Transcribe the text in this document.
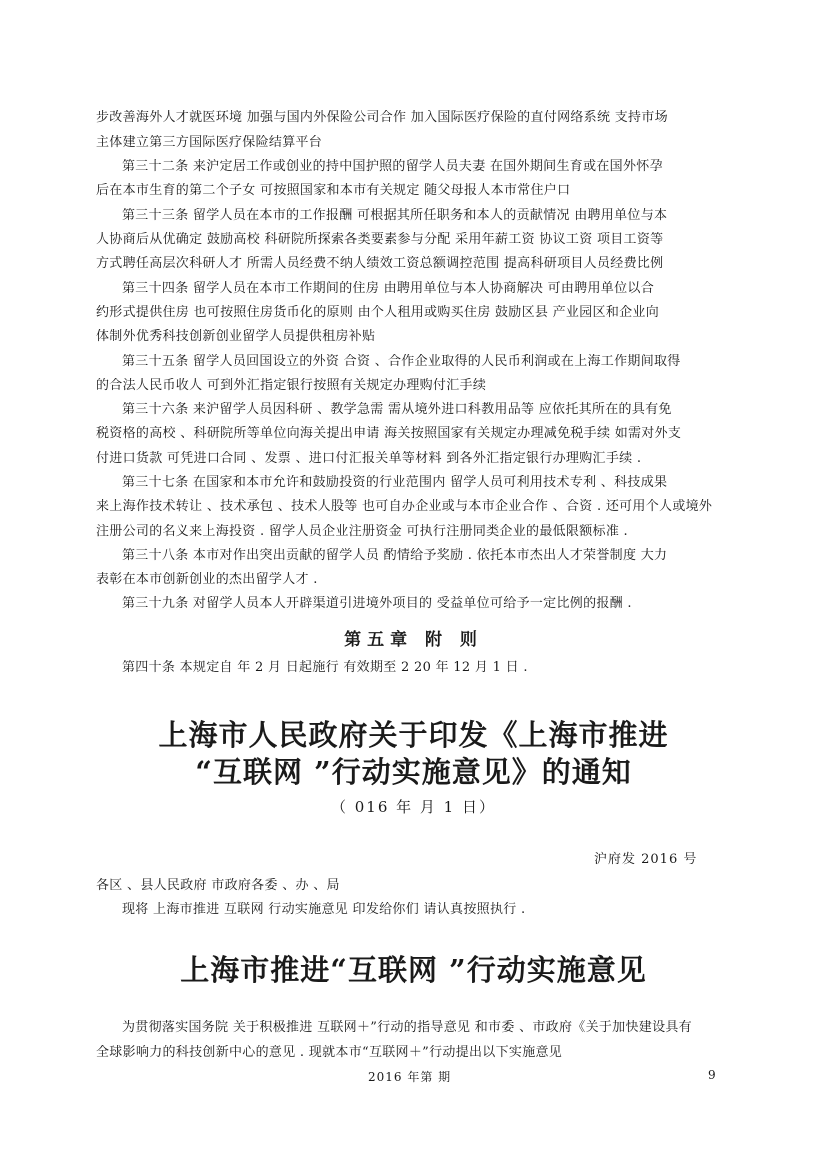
步改善海外人才就医环境 加强与国内外保险公司合作 加入国际医疗保险的直付网络系统 支持市场
主体建立第三方国际医疗保险结算平台
第三十二条 来沪定居工作或创业的持中国护照的留学人员夫妻 在国外期间生育或在国外怀孕
后在本市生育的第二个子女 可按照国家和本市有关规定 随父母报人本市常住户口
第三十三条 留学人员在本市的工作报酬 可根据其所任职务和本人的贡献情况 由聘用单位与本
人协商后从优确定 鼓励高校 科研院所探索各类要素参与分配 采用年薪工资 协议工资 项目工资等
方式聘任高层次科研人才 所需人员经费不纳人绩效工资总额调控范围 提高科研项目人员经费比例
第三十四条 留学人员在本市工作期间的住房 由聘用单位与本人协商解决 可由聘用单位以合
约形式提供住房 也可按照住房货币化的原则 由个人租用或购买住房 鼓励区县 产业园区和企业向
体制外优秀科技创新创业留学人员提供租房补贴
第三十五条 留学人员回国设立的外资 合资 、合作企业取得的人民币利润或在上海工作期间取得
的合法人民币收人 可到外汇指定银行按照有关规定办理购付汇手续
第三十六条 来沪留学人员因科研 、教学急需 需从境外进口科教用品等 应依托其所在的具有免
税资格的高校 、科研院所等单位向海关提出申请 海关按照国家有关规定办理减免税手续 如需对外支
付进口货款 可凭进口合同 、发票 、进口付汇报关单等材料 到各外汇指定银行办理购汇手续 .
第三十七条 在国家和本市允许和鼓励投资的行业范围内 留学人员可利用技术专利 、科技成果
来上海作技术转让 、技术承包 、技术人股等 也可自办企业或与本市企业合作 、合资 . 还可用个人或境外
注册公司的名义来上海投资 . 留学人员企业注册资金 可执行注册同类企业的最低限额标准 .
第三十八条 本市对作出突出贡献的留学人员 酌情给予奖励 . 依托本市杰出人才荣誉制度 大力
表彰在本市创新创业的杰出留学人才 .
第三十九条 对留学人员本人开辟渠道引进境外项目的 受益单位可给予一定比例的报酬 .
第五章 附 则
第四十条 本规定自 年 2 月 日起施行 有效期至 2 20 年 12 月 1 日 .
上海市人民政府关于印发《上海市推进
“互联网 ”行动实施意见》的通知
（ 016 年 月 1 日）
沪府发 2016 号
各区 、县人民政府 市政府各委 、办 、局
现将 上海市推进 互联网 行动实施意见 印发给你们 请认真按照执行 .
上海市推进“互联网 ”行动实施意见
为贯彻落实国务院 关于积极推进 互联网＋”行动的指导意见 和市委 、市政府《关于加快建设具有
全球影响力的科技创新中心的意见 . 现就本市“互联网＋”行动提出以下实施意见
2016 年第 期	9
